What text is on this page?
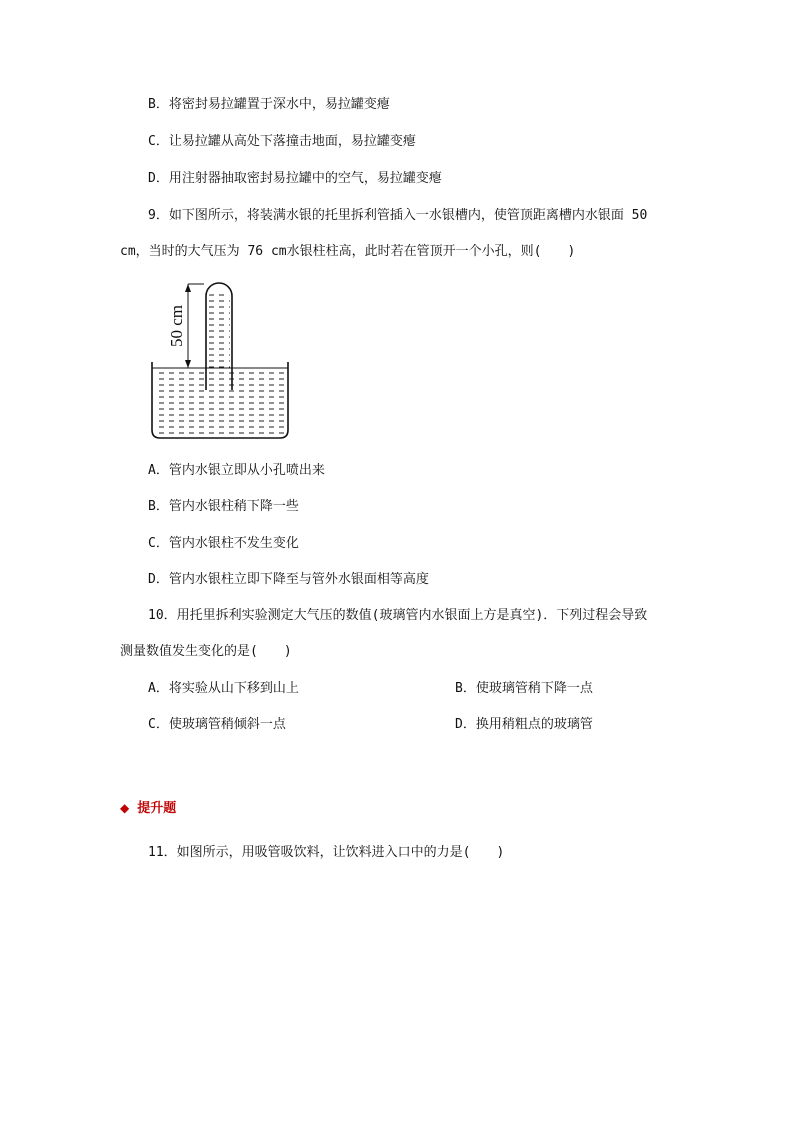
B．将密封易拉罐置于深水中，易拉罐变瘪
C．让易拉罐从高处下落撞击地面，易拉罐变瘪
D．用注射器抽取密封易拉罐中的空气，易拉罐变瘪
9．如下图所示，将装满水银的托里拆利管插入一水银槽内，使管顶距离槽内水银面 50
cm，当时的大气压为 76 cm水银柱柱高，此时若在管顶开一个小孔，则(　　)
50 cm
A．管内水银立即从小孔喷出来
B．管内水银柱稍下降一些
C．管内水银柱不发生变化
D．管内水银柱立即下降至与管外水银面相等高度
10．用托里拆利实验测定大气压的数值(玻璃管内水银面上方是真空)．下列过程会导致
测量数值发生变化的是(　　)
A．将实验从山下移到山上	B．使玻璃管稍下降一点
C．使玻璃管稍倾斜一点	D．换用稍粗点的玻璃管
◆ 提升题
11．如图所示，用吸管吸饮料，让饮料进入口中的力是(　　)
